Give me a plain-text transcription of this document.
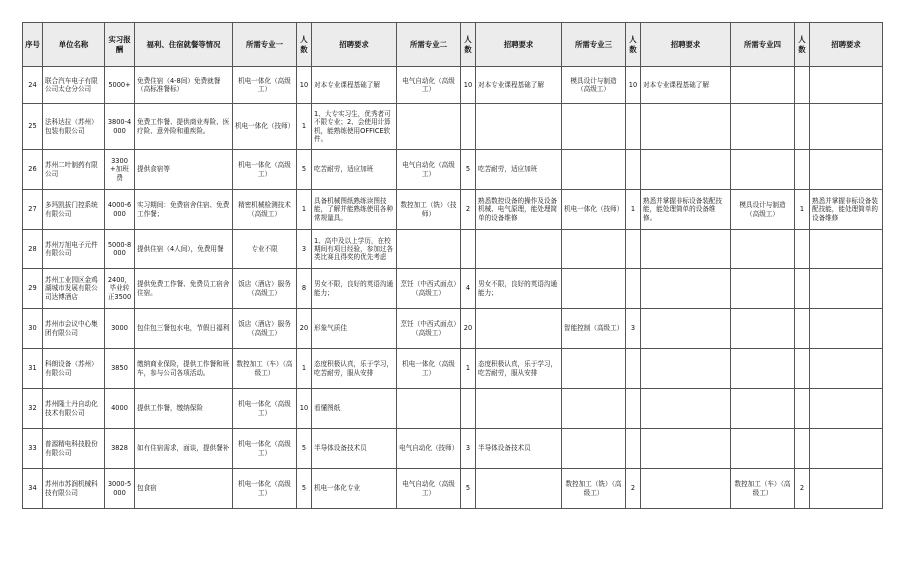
序号	单位名称	实习报酬	福利、住宿就餐等情况	所需专业一	人数	招聘要求	所需专业二	人数	招聘要求	所需专业三	人数	招聘要求	所需专业四	人数	招聘要求
24	联合汽车电子有限公司太仓分公司	5000+	免费住宿（4-8间）免费就餐（高标准餐标）	机电一体化（高级工）	10	对本专业课程基础了解	电气自动化（高级工）	10	对本专业课程基础了解	模具设计与制造（高级工）	10	对本专业课程基础了解			
25	法科达拉（苏州）包装有限公司	3800-4000	免费工作餐、提供商业寿险、医疗险、意外险和重疾险。	机电一体化（技师）	1	1、大专实习生，优秀者可不限专业；2、会使用计算机，能熟练使用OFFICE软件。									
26	苏州二叶制药有限公司	3300+加班费	提供食宿等	机电一体化（高级工）	5	吃苦耐劳，适应加班	电气自动化（高级工）	5	吃苦耐劳，适应加班						
27	多玛凯拔门控系统有限公司	4000-6000	实习期间：免费宿舍住宿、免费工作餐；	精密机械检测技术（高级工）	1	具备机械图纸熟练读图技能，了解并能熟练使用各种常规量具。	数控加工（铣）（技师）	2	熟悉数控设备的操作及设备机械、电气原理，能处理简单的设备维修	机电一体化（技师）	1	熟悉并掌握非标设备装配技能，能处理简单的设备维修。	模具设计与制造（高级工）	1	熟悉并掌握非标设备装配技能，能处理简单的设备维修
28	苏州万旭电子元件有限公司	5000-8000	提供住宿（4人间），免费用餐	专业不限	3	1、高中及以上学历，在校期间有项目经验，参加过各类比赛且得奖的优先考虑									
29	苏州工业园区金鸡湖城市发展有限公司达博酒店	2400，毕业转正3500	提供免费工作餐、免费员工宿舍住宿。	饭店（酒店）服务（高级工）	8	男女不限，良好的英语沟通能力；	烹饪（中西式面点）（高级工）	4	男女不限，良好的英语沟通能力；						
30	苏州市会议中心集团有限公司	3000	包住包三餐包水电，节假日福利	饭店（酒店）服务（高级工）	20	形象气质佳	烹饪（中西式面点）（高级工）	20		智能控制（高级工）	3				
31	科朗设备（苏州）有限公司	3850	缴纳商业保险，提供工作餐和班车，参与公司各项活动。	数控加工（车）（高级工）	1	态度积极认真，乐于学习，吃苦耐劳，服从安排	机电一体化（高级工）	1	态度积极认真，乐于学习，吃苦耐劳，服从安排						
32	苏州隆士丹自动化技术有限公司	4000	提供工作餐，缴纳保险	机电一体化（高级工）	10	看懂图纸									
33	普源精电科技股份有限公司	3828	如有住宿需求，面谈，提供餐补	机电一体化（高级工）	5	半导体设备技术员	电气自动化（技师）	3	半导体设备技术员						
34	苏州市苏润机械科技有限公司	3000-5000	包食宿	机电一体化（高级工）	5	机电一体化专业	电气自动化（高级工）	5		数控加工（铣）（高级工）	2		数控加工（车）（高级工）	2	
